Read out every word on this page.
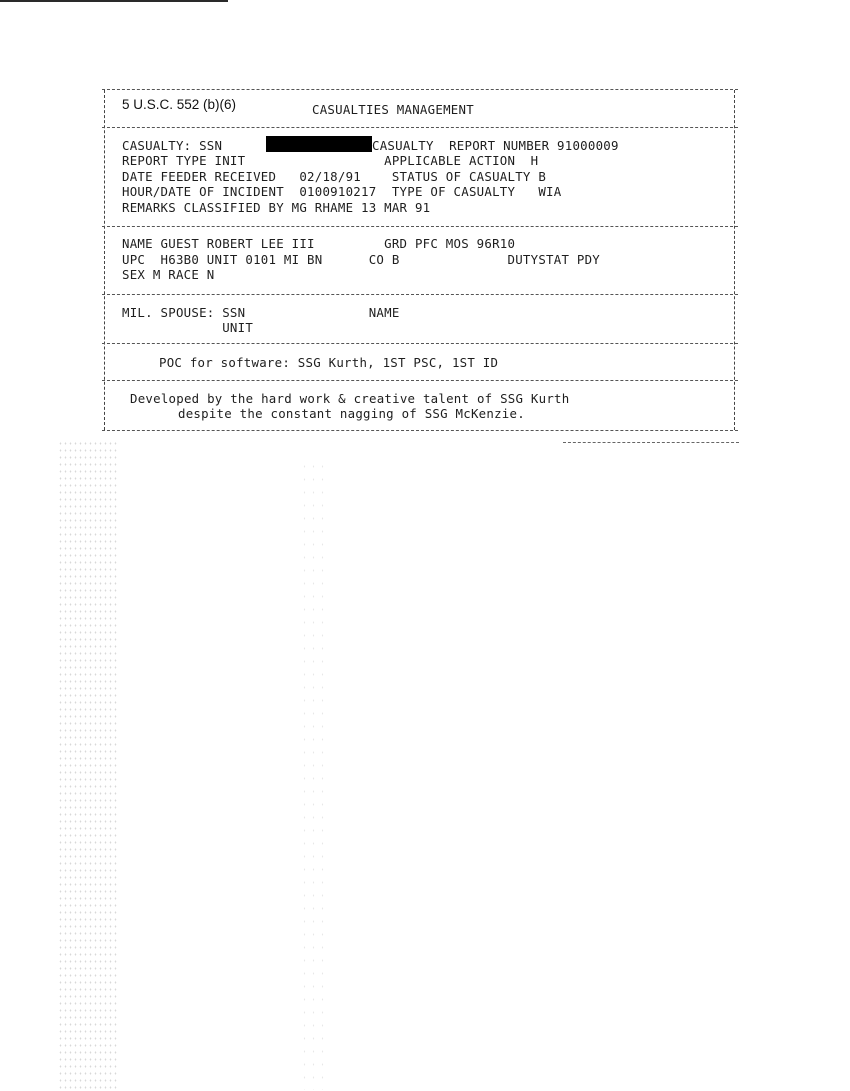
5 U.S.C. 552 (b)(6)	CASUALTIES MANAGEMENT
CASUALTY: SSN	CASUALTY  REPORT NUMBER 91000009
REPORT TYPE INIT                  APPLICABLE ACTION  H
DATE FEEDER RECEIVED   02/18/91    STATUS OF CASUALTY B
HOUR/DATE OF INCIDENT  0100910217  TYPE OF CASUALTY   WIA
REMARKS CLASSIFIED BY MG RHAME 13 MAR 91
NAME GUEST ROBERT LEE III         GRD PFC MOS 96R10
UPC  H63B0 UNIT 0101 MI BN      CO B              DUTYSTAT PDY
SEX M RACE N
MIL. SPOUSE: SSN                NAME
UNIT
POC for software: SSG Kurth, 1ST PSC, 1ST ID
Developed by the hard work & creative talent of SSG Kurth
despite the constant nagging of SSG McKenzie.
